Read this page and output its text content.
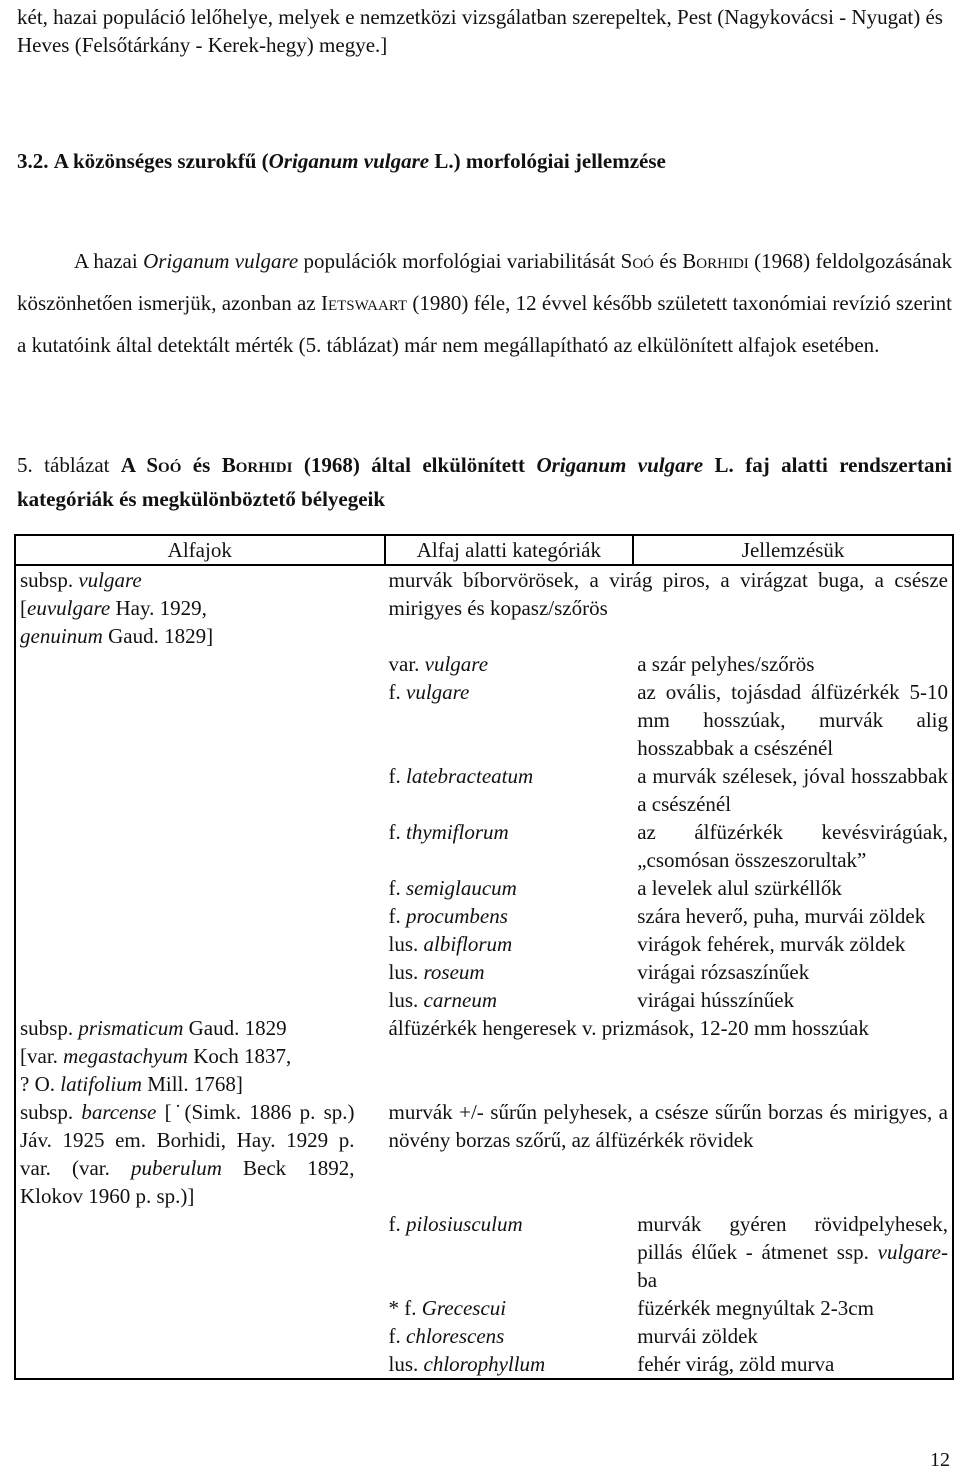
két, hazai populáció lelőhelye, melyek e nemzetközi vizsgálatban szerepeltek, Pest (Nagykovácsi - Nyugat) és Heves (Felsőtárkány - Kerek-hegy) megye.]
3.2. A közönséges szurokfű (Origanum vulgare L.) morfológiai jellemzése

A hazai Origanum vulgare populációk morfológiai variabilitását Soó és Borhidi (1968) feldolgozásának köszönhetően ismerjük, azonban az Ietswaart (1980) féle, 12 évvel később született taxonómiai revízió szerint a kutatóink által detektált mérték (5. táblázat) már nem megállapítható az elkülönített alfajok esetében.

5. táblázat A Soó és Borhidi (1968) által elkülönített Origanum vulgare L. faj alatti rendszertani kategóriák és megkülönböztető bélyegeik
Alfajok	Alfaj alatti kategóriák	Jellemzésük
subsp. vulgare
[euvulgare Hay. 1929,
genuinum Gaud. 1829]	murvák bíborvörösek, a virág piros, a virágzat buga, a csésze mirigyes és kopasz/szőrös	
	var. vulgare	a szár pelyhes/szőrös
	f. vulgare	az ovális, tojásdad álfüzérkék 5-10 mm hosszúak, murvák alig hosszabbak a csészénél
	f. latebracteatum	a murvák szélesek, jóval hosszabbak a csészénél
	f. thymiflorum	az álfüzérkék kevésvirágúak, „csomósan összeszorultak”
	f. semiglaucum	a levelek alul szürkéllők
	f. procumbens	szára heverő, puha, murvái zöldek
	lus. albiflorum	virágok fehérek, murvák zöldek
	lus. roseum	virágai rózsaszínűek
	lus. carneum	virágai hússzínűek
subsp. prismaticum Gaud. 1829
[var. megastachyum Koch 1837,
? O. latifolium Mill. 1768]	álfüzérkék hengeresek v. prizmások, 12-20 mm hosszúak	
subsp. barcense [˙(Simk. 1886 p. sp.) Jáv. 1925 em. Borhidi, Hay. 1929 p. var. (var. puberulum Beck 1892, Klokov 1960 p. sp.)]	murvák +/- sűrűn pelyhesek, a csésze sűrűn borzas és mirigyes, a növény borzas szőrű, az álfüzérkék rövidek	
	f. pilosiusculum	murvák gyéren rövidpelyhesek, pillás élűek - átmenet ssp. vulgare-ba
	* f. Grecescui	füzérkék megnyúltak 2-3cm
	f. chlorescens	murvái zöldek
	lus. chlorophyllum	fehér virág, zöld murva
12
